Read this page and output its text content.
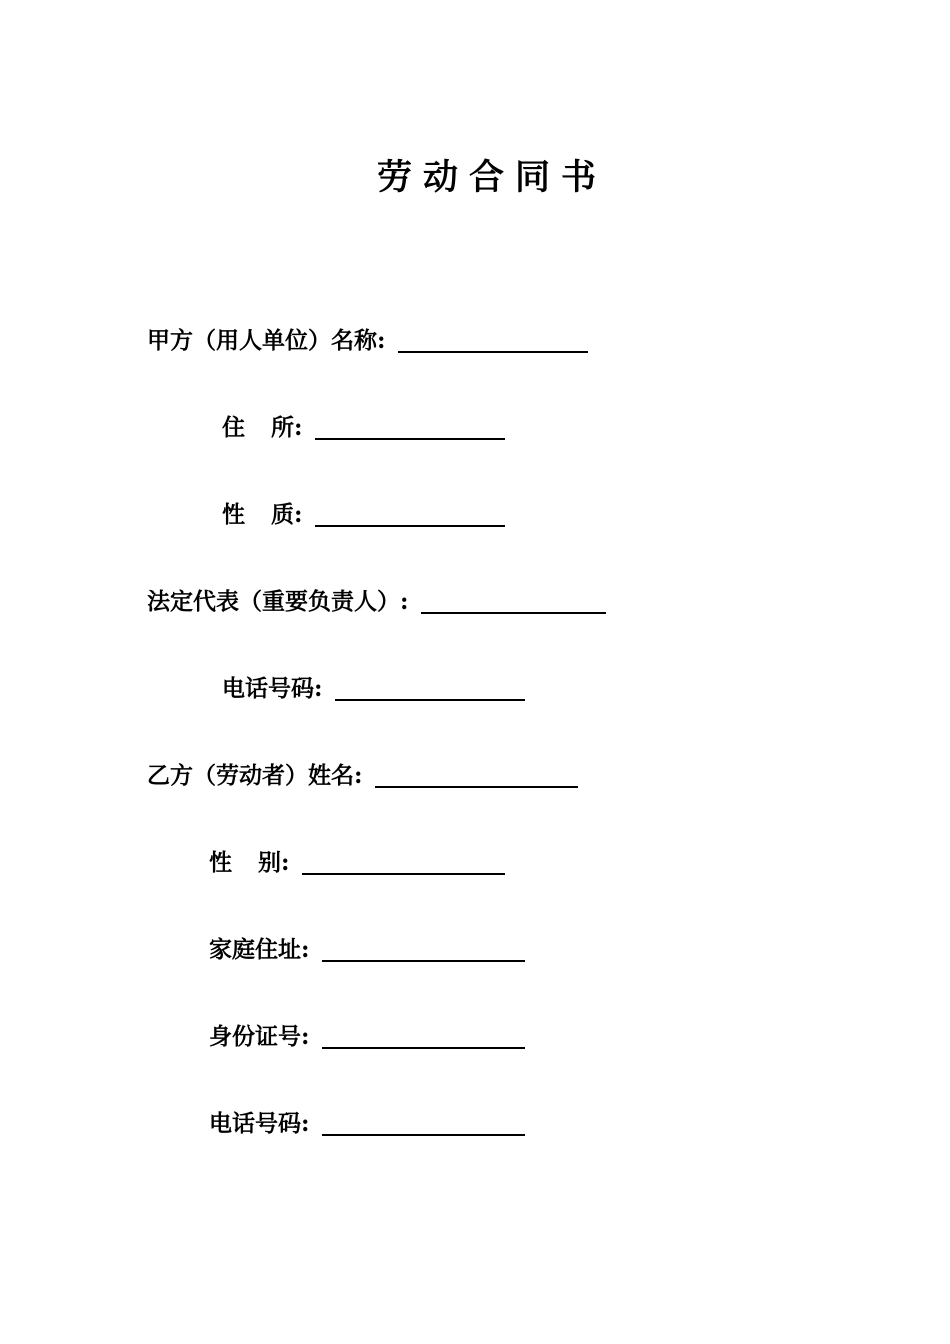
劳动合同书
甲方（用人单位）名称:
住 所:
性 质:
法定代表（重要负责人）:
电话号码:
乙方（劳动者）姓名:
性 别:
家庭住址:
身份证号:
电话号码:
